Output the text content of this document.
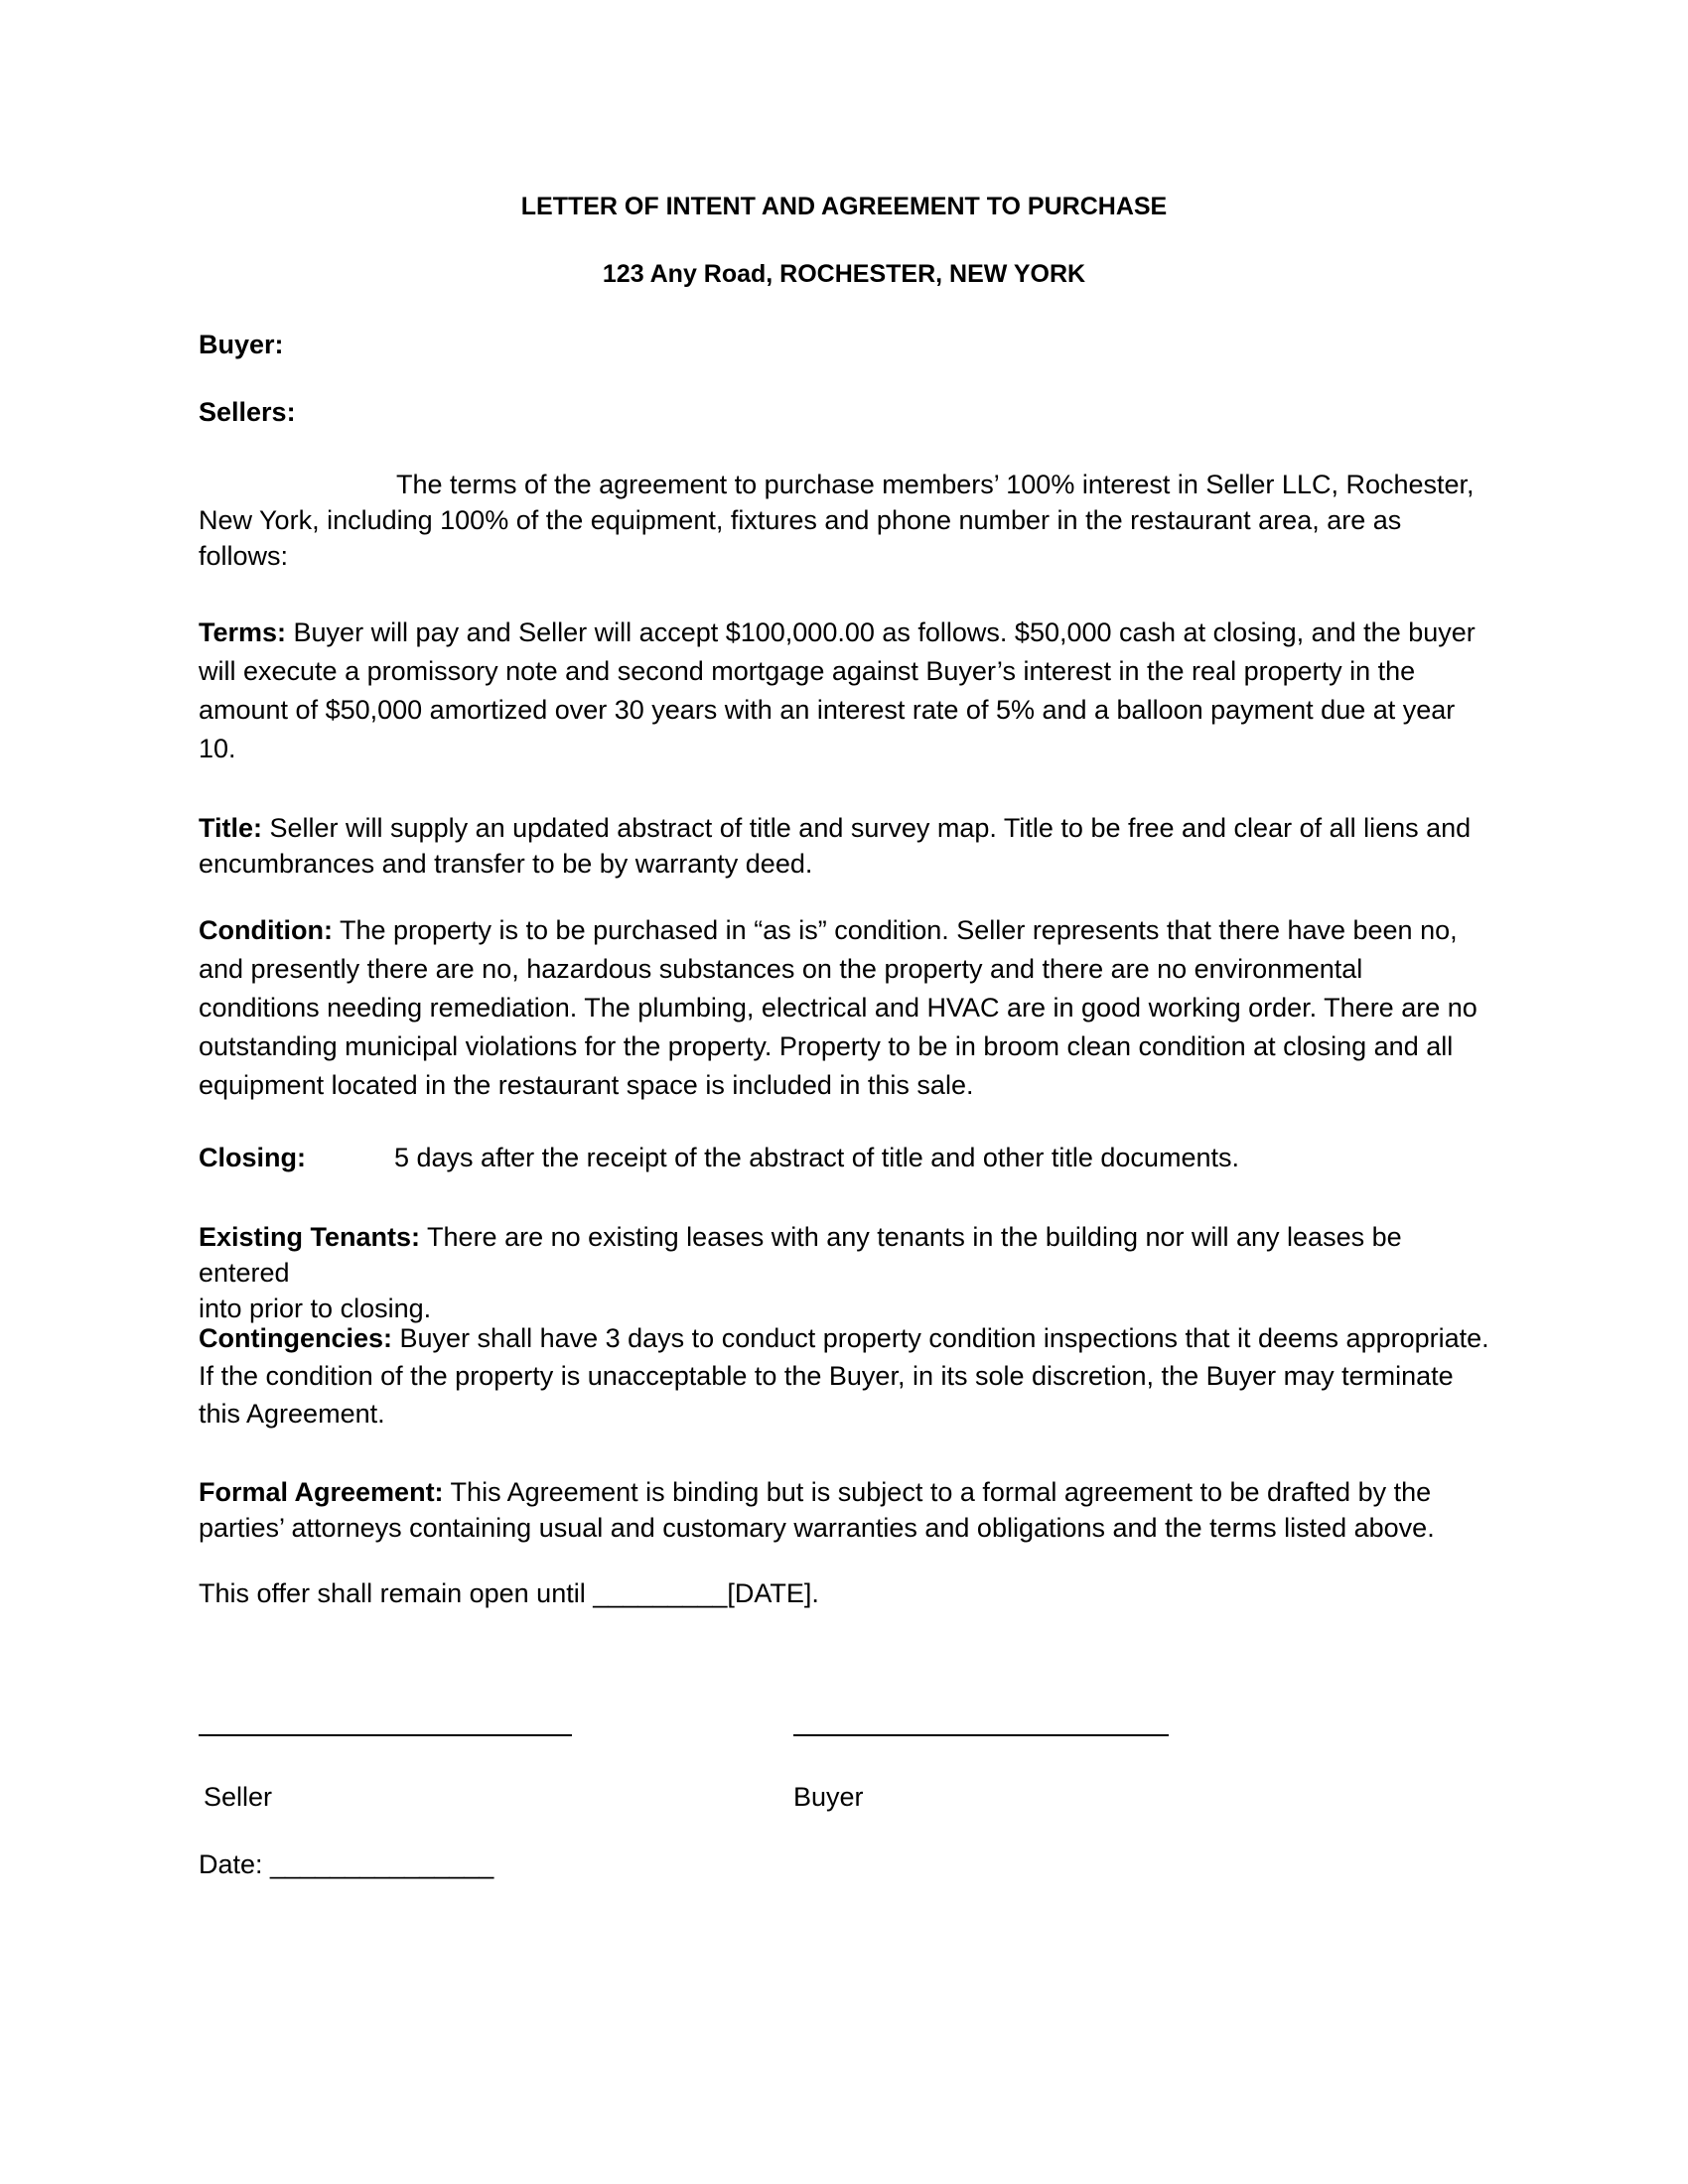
LETTER OF INTENT AND AGREEMENT TO PURCHASE
123 Any Road, ROCHESTER, NEW YORK
Buyer:
Sellers:
The terms of the agreement to purchase members’ 100% interest in Seller LLC, Rochester,
New York, including 100% of the equipment, fixtures and phone number in the restaurant area, are as
follows:
Terms: Buyer will pay and Seller will accept $100,000.00 as follows. $50,000 cash at closing, and the buyer
will execute a promissory note and second mortgage against Buyer’s interest in the real property in the
amount of $50,000 amortized over 30 years with an interest rate of 5% and a balloon payment due at year
10.
Title: Seller will supply an updated abstract of title and survey map. Title to be free and clear of all liens and
encumbrances and transfer to be by warranty deed.
Condition: The property is to be purchased in “as is” condition. Seller represents that there have been no,
and presently there are no, hazardous substances on the property and there are no environmental
conditions needing remediation. The plumbing, electrical and HVAC are in good working order. There are no
outstanding municipal violations for the property. Property to be in broom clean condition at closing and all
equipment located in the restaurant space is included in this sale.
Closing:	5 days after the receipt of the abstract of title and other title documents.
Existing Tenants: There are no existing leases with any tenants in the building nor will any leases be entered
into prior to closing.
Contingencies: Buyer shall have 3 days to conduct property condition inspections that it deems appropriate.
If the condition of the property is unacceptable to the Buyer, in its sole discretion, the Buyer may terminate
this Agreement.
Formal Agreement: This Agreement is binding but is subject to a formal agreement to be drafted by the
parties’ attorneys containing usual and customary warranties and obligations and the terms listed above.
This offer shall remain open until _________[DATE].
Seller	Buyer
Date: _______________
